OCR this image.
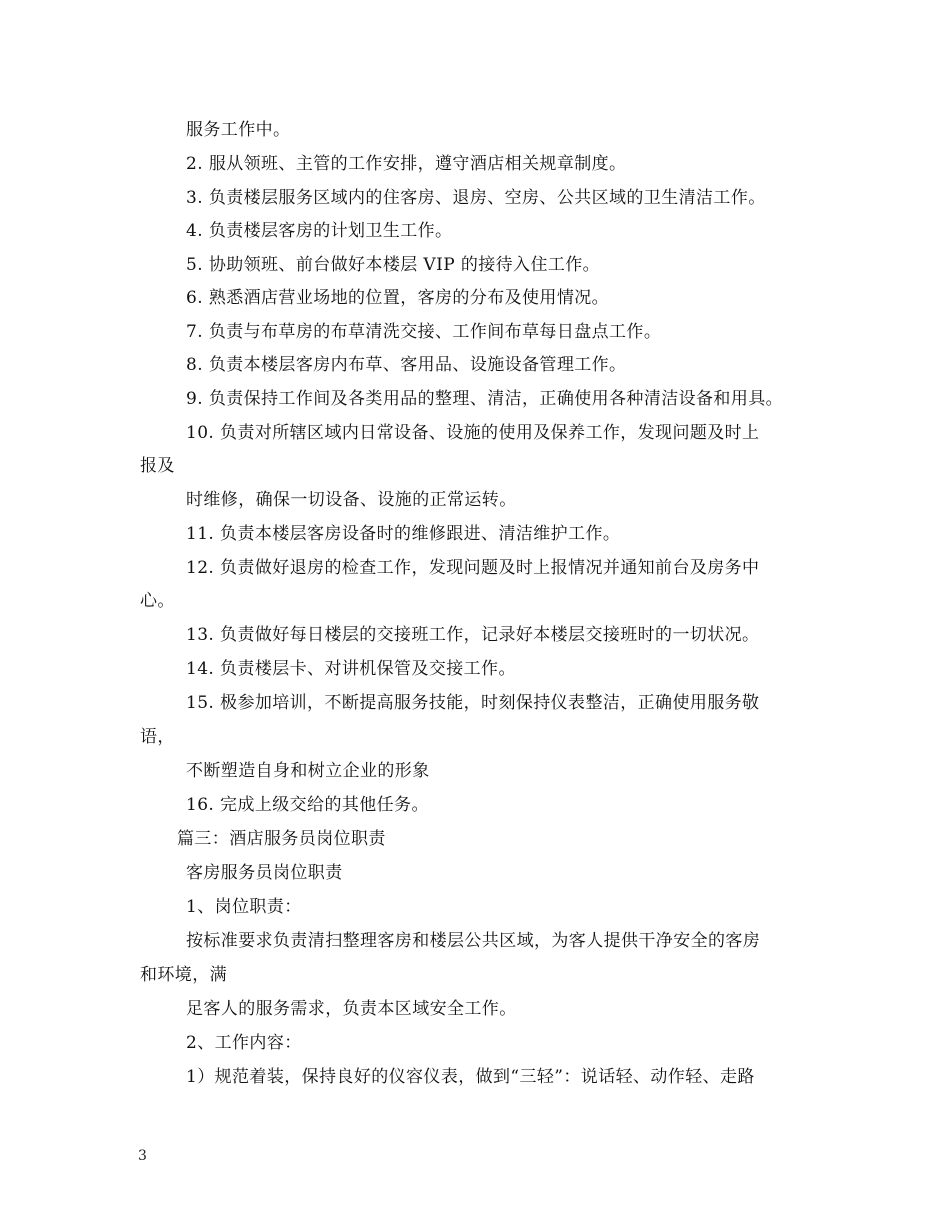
服务工作中。
2. 服从领班、主管的工作安排，遵守酒店相关规章制度。
3. 负责楼层服务区域内的住客房、退房、空房、公共区域的卫生清洁工作。
4. 负责楼层客房的计划卫生工作。
5. 协助领班、前台做好本楼层 VIP 的接待入住工作。
6. 熟悉酒店营业场地的位置，客房的分布及使用情况。
7. 负责与布草房的布草清洗交接、工作间布草每日盘点工作。
8. 负责本楼层客房内布草、客用品、设施设备管理工作。
9. 负责保持工作间及各类用品的整理、清洁，正确使用各种清洁设备和用具。
10. 负责对所辖区域内日常设备、设施的使用及保养工作，发现问题及时上
报及
时维修，确保一切设备、设施的正常运转。
11. 负责本楼层客房设备时的维修跟进、清洁维护工作。
12. 负责做好退房的检查工作，发现问题及时上报情况并通知前台及房务中
心。
13. 负责做好每日楼层的交接班工作，记录好本楼层交接班时的一切状况。
14. 负责楼层卡、对讲机保管及交接工作。
15. 极参加培训，不断提高服务技能，时刻保持仪表整洁，正确使用服务敬
语，
不断塑造自身和树立企业的形象
16. 完成上级交给的其他任务。
篇三：酒店服务员岗位职责
客房服务员岗位职责
1、岗位职责：
按标准要求负责清扫整理客房和楼层公共区域，为客人提供干净安全的客房
和环境，满
足客人的服务需求，负责本区域安全工作。
2、工作内容：
1）规范着装，保持良好的仪容仪表，做到“三轻”：说话轻、动作轻、走路
3
